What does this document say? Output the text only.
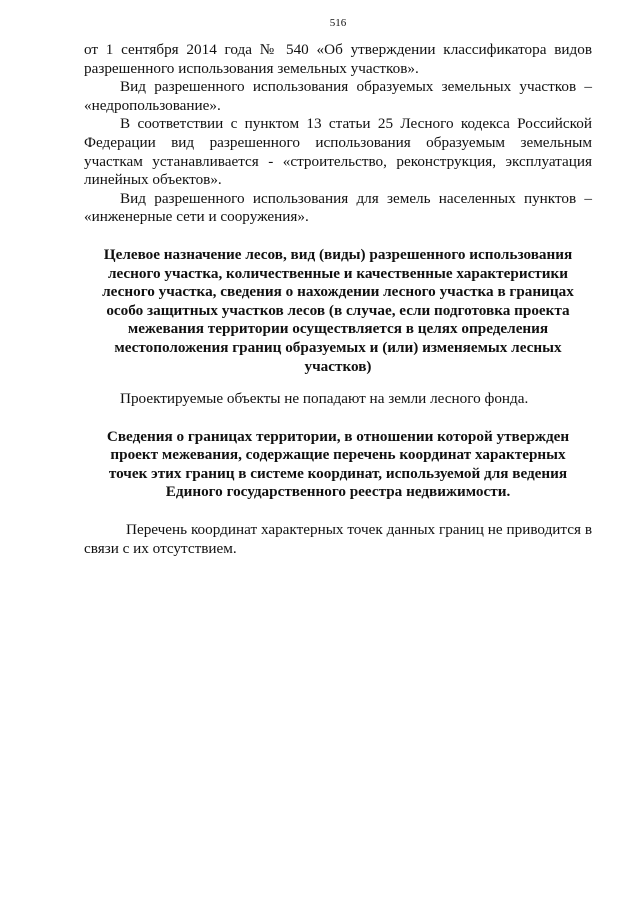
516

от 1 сентября 2014 года № 540 «Об утверждении классификатора видов разрешенного использования земельных участков».

Вид разрешенного использования образуемых земельных участков – «недропользование».

В соответствии с пунктом 13 статьи 25 Лесного кодекса Российской Федерации вид разрешенного использования образуемым земельным участкам устанавливается - «строительство, реконструкция, эксплуатация линейных объектов».

Вид разрешенного использования для земель населенных пунктов – «инженерные сети и сооружения».

Целевое назначение лесов, вид (виды) разрешенного использования лесного участка, количественные и качественные характеристики лесного участка, сведения о нахождении лесного участка в границах особо защитных участков лесов (в случае, если подготовка проекта межевания территории осуществляется в целях определения местоположения границ образуемых и (или) изменяемых лесных участков)

Проектируемые объекты не попадают на земли лесного фонда.

Сведения о границах территории, в отношении которой утвержден проект межевания, содержащие перечень координат характерных точек этих границ в системе координат, используемой для ведения Единого государственного реестра недвижимости.

Перечень координат характерных точек данных границ не приводится в связи с их отсутствием.
